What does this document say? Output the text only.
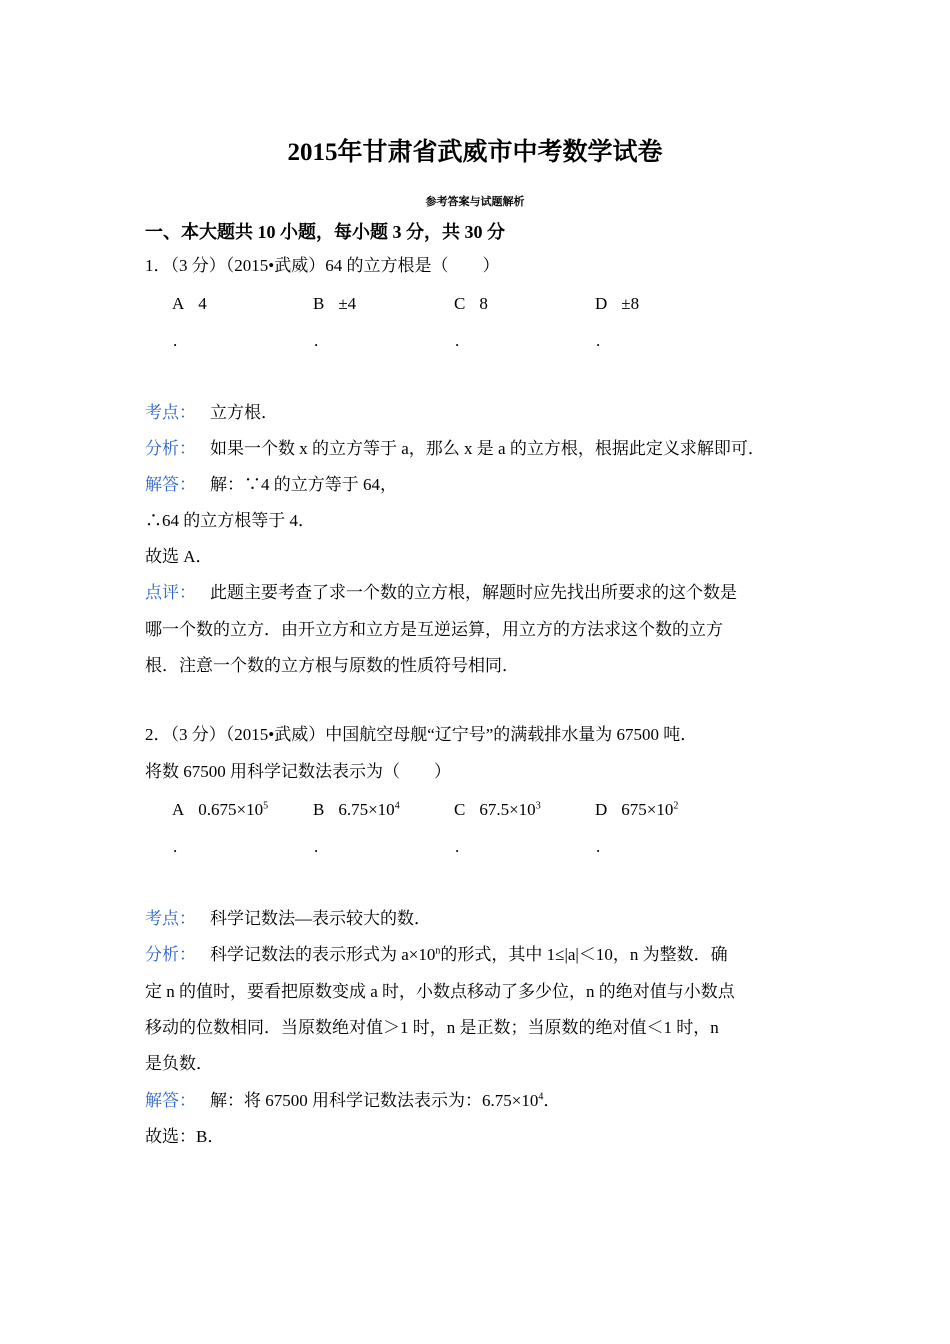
2015年甘肃省武威市中考数学试卷
参考答案与试题解析
一、本大题共 10 小题，每小题 3 分，共 30 分
1．（3 分）（2015•武威）64 的立方根是（　　）
A 4	B ±4	C 8	D ±8
.	.	.	.
考点： 立方根．
分析： 如果一个数 x 的立方等于 a，那么 x 是 a 的立方根，根据此定义求解即可．
解答： 解：∵4 的立方等于 64，
∴64 的立方根等于 4．
故选 A．
点评： 此题主要考查了求一个数的立方根，解题时应先找出所要求的这个数是
哪一个数的立方．由开立方和立方是互逆运算，用立方的方法求这个数的立方
根．注意一个数的立方根与原数的性质符号相同．
2．（3 分）（2015•武威）中国航空母舰“辽宁号”的满载排水量为 67500 吨．
将数 67500 用科学记数法表示为（　　）
A $0.675\times 10^5$	B $6.75\times 10^4$	C $67.5\times 10^3$	D $675\times 10^2$
.	.	.	.
考点： 科学记数法—表示较大的数．
分析： 科学记数法的表示形式为 $a\times 10^n$的形式，其中 1≤|a|＜10，n 为整数．确
定 n 的值时，要看把原数变成 a 时，小数点移动了多少位，n 的绝对值与小数点
移动的位数相同．当原数绝对值＞1 时，n 是正数；当原数的绝对值＜1 时，n
是负数．
解答： 解：将 67500 用科学记数法表示为：$6.75\times 10^4$．
故选：B．
